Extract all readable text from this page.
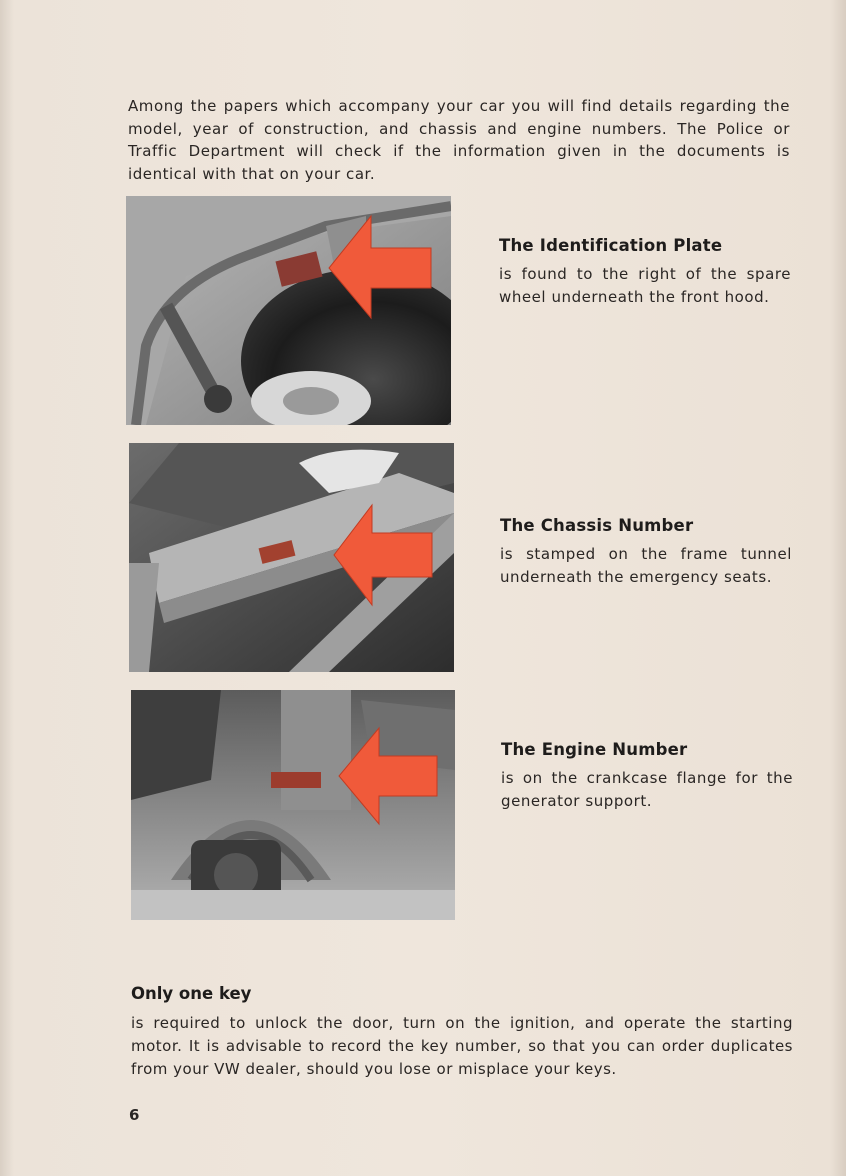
Among the papers which accompany your car you will find details regarding the model, year of construction, and chassis and engine numbers. The Police or Traffic Department will check if the information given in the documents is identical with that on your car.

The Identification Plate

is found to the right of the spare wheel underneath the front hood.

The Chassis Number

is stamped on the frame tunnel underneath the emergency seats.

The Engine Number

is on the crankcase flange for the generator support.

Only one key

is required to unlock the door, turn on the ignition, and operate the starting motor. It is advisable to record the key number, so that you can order duplicates from your VW dealer, should you lose or misplace your keys.

6
